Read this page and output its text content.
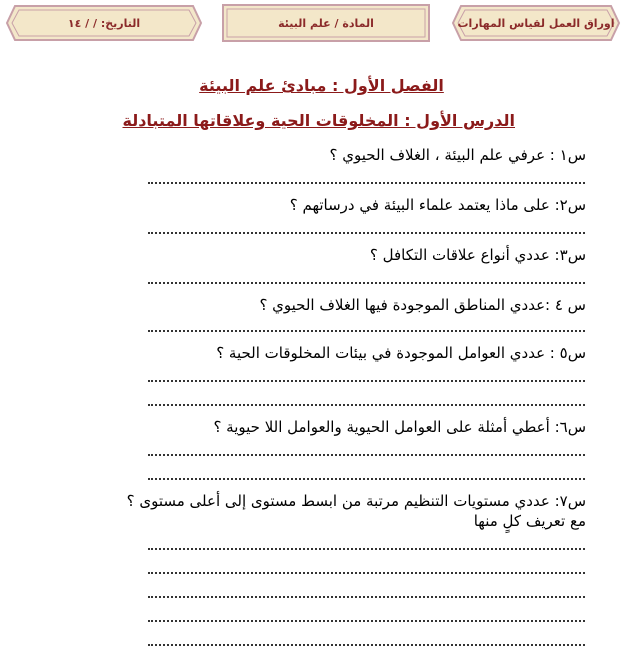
اوراق العمل لقياس المهارات
المادة / علم البيئة
التاريخ: / / ١٤
الفصل الأول : مبادئ علم البيئة
الدرس الأول : المخلوقات الحية وعلاقاتها المتبادلة
س١ : عرفي علم البيئة ، الغلاف الحيوي ؟
س٢: على ماذا يعتمد علماء البيئة في درساتهم ؟
س٣: عددي أنواع علاقات التكافل ؟
س ٤ :عددي المناطق الموجودة فيها الغلاف الحيوي ؟
س٥ : عددي العوامل الموجودة في بيئات المخلوقات الحية ؟
س٦: أعطي أمثلة على العوامل الحيوية والعوامل اللا حيوية ؟
س٧: عددي مستويات التنظيم مرتبة من ابسط مستوى إلى أعلى مستوى ؟
مع تعريف كلٍ منها
